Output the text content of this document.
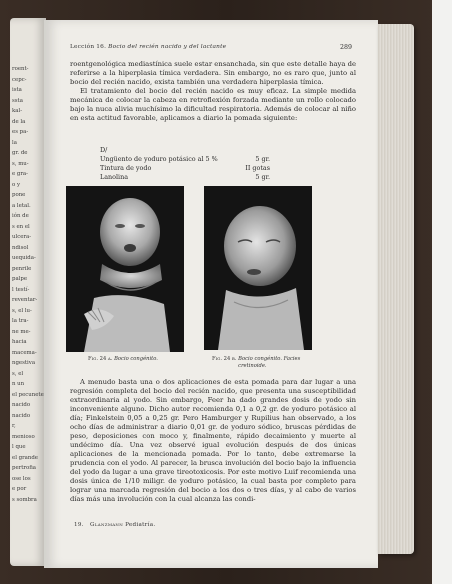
roent-
cepc-
ista
ssta
kal-
de la
es pa-
la
gr. de
s, mu-
e gra-
o y
pone
a letal.
ión de
s en el
ulcera-
ndisol
uequida-
penrile
palpe
l testí-
reventar-
s, el lu-
la tra-
ne me-
hacia
macema-
ngestiva
s, el
n un
el pecunete
nacido
nacido
r,
menioso
l que
el grande
pertrofia
ose los
e por
s sombra
Lección 16. Bocio del recién nacido y del lactante	289

roentgenológica mediastínica suele estar ensanchada, sin que este detalle haya de referirse a la hiperplasia tímica verdadera. Sin embargo, no es raro que, junto al bocio del recién nacido, exista también una verdadera hiperplasia tímica.

El tratamiento del bocio del recién nacido es muy eficaz. La simple medida mecánica de colocar la cabeza en retroflexión forzada mediante un rollo colocado bajo la nuca alivia muchísimo la dificultad respiratoria. Además de colocar al niño en esta actitud favorable, aplicamos a diario la pomada siguiente:

D/
Ungüento de yoduro potásico al 5 %	5 gr.
Tintura de yodo	II gotas
Lanolina	5 gr.
Fig. 24 a. Bocio congénito.	Fig. 24 b. Bocio congénito. Facies cretinoide.

A menudo basta una o dos aplicaciones de esta pomada para dar lugar a una regresión completa del bocio del recién nacido, que presenta una susceptibilidad extraordinaria al yodo. Sin embargo, Feer ha dado grandes dosis de yodo sin inconveniente alguno. Dicho autor recomienda 0,1 a 0,2 gr. de yoduro potásico al día; Finkelstein 0,05 a 0,25 gr. Pero Hamburger y Rupilius han observado, a los ocho días de administrar a diario 0,01 gr. de yoduro sódico, bruscas pérdidas de peso, deposiciones con moco y, finalmente, rápido decaimiento y muerte al undécimo día. Una vez observé igual evolución después de dos únicas aplicaciones de la mencionada pomada. Por lo tanto, debe extremarse la prudencia con el yodo. Al parecer, la brusca involución del bocio bajo la influencia del yodo da lugar a una grave tireotoxicosis. Por este motivo Luif recomienda una dosis única de 1/10 miligr. de yoduro potásico, la cual basta por completo para lograr una marcada regresión del bocio a los dos o tres días, y al cabo de varios días más una involución con la cual alcanza las condi-

19. Glanzmann Pediatría.
